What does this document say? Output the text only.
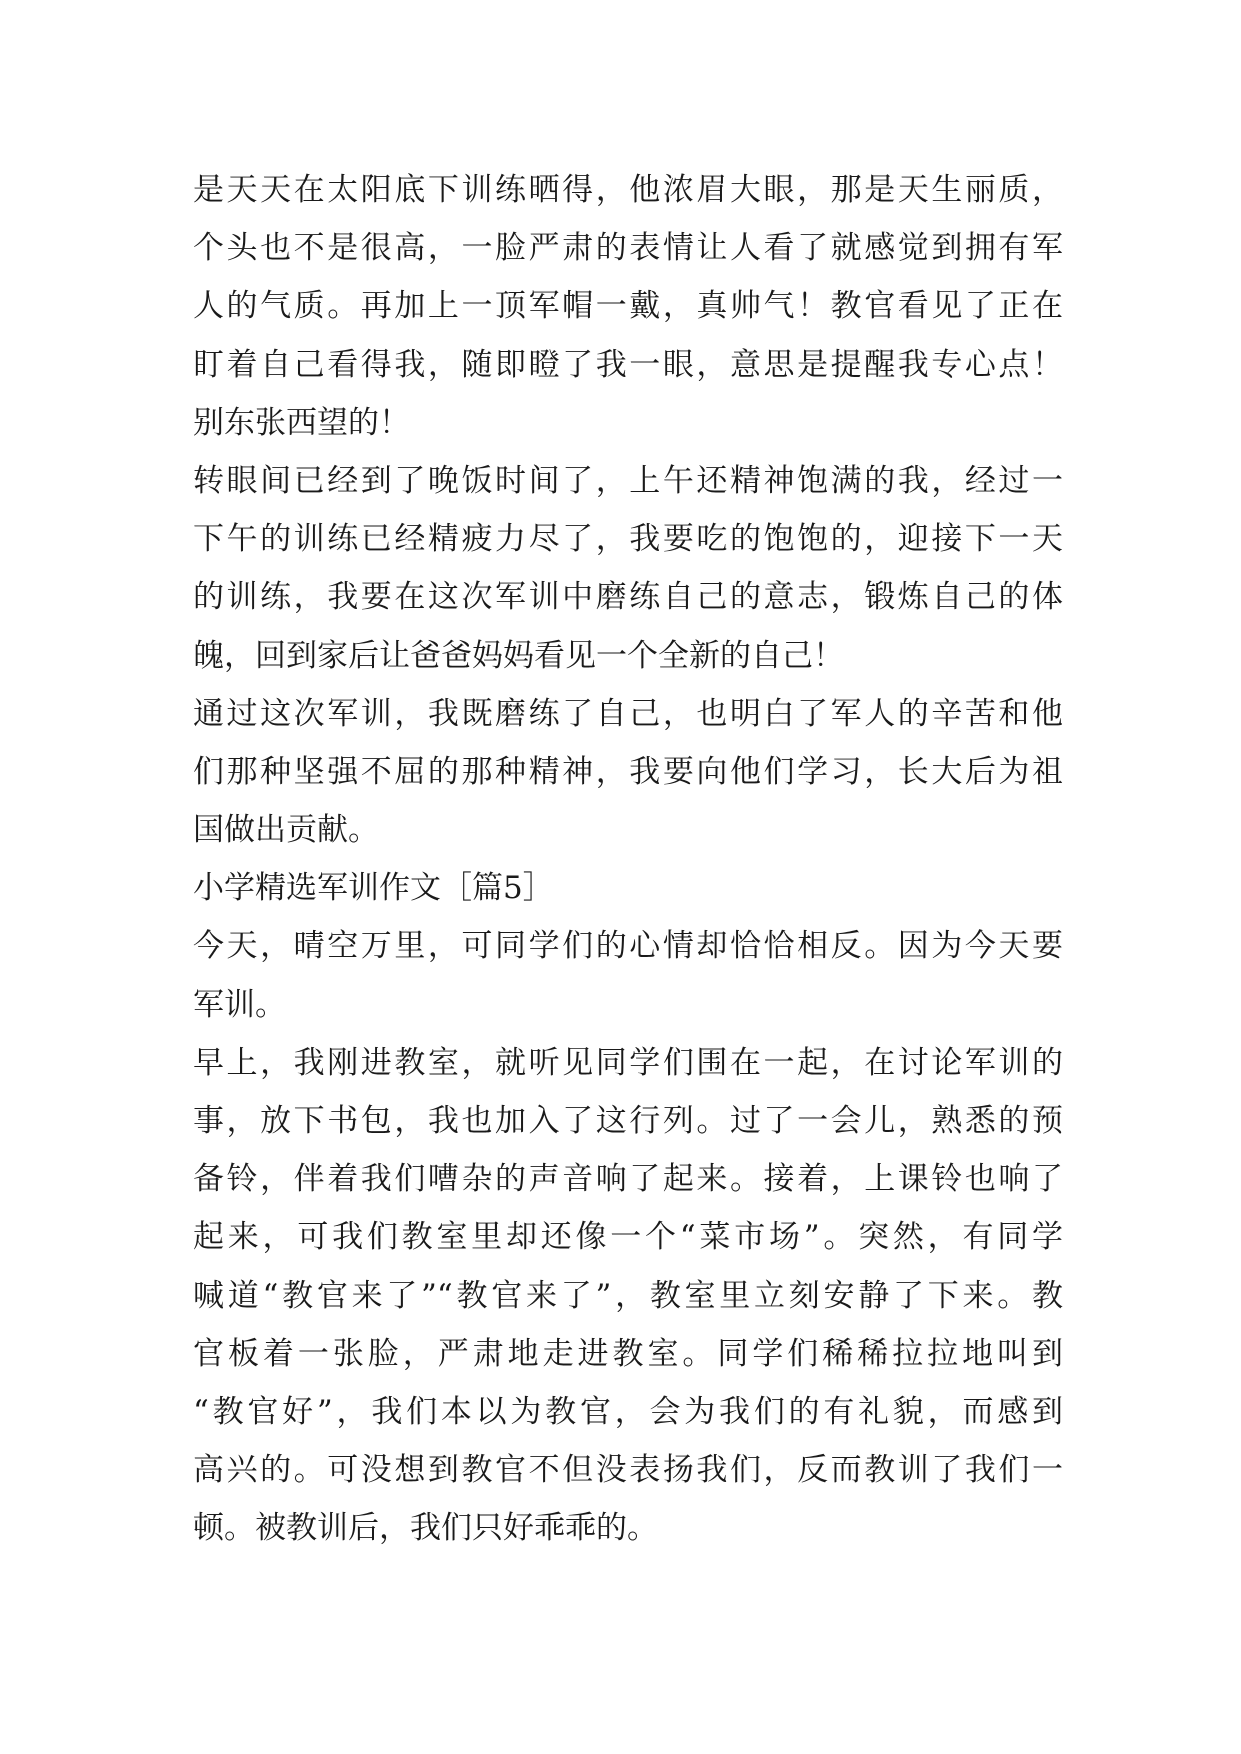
是天天在太阳底下训练晒得，他浓眉大眼，那是天生丽质，
个头也不是很高，一脸严肃的表情让人看了就感觉到拥有军
人的气质。再加上一顶军帽一戴，真帅气！教官看见了正在
盯着自己看得我，随即瞪了我一眼，意思是提醒我专心点！
别东张西望的！
转眼间已经到了晚饭时间了，上午还精神饱满的我，经过一
下午的训练已经精疲力尽了，我要吃的饱饱的，迎接下一天
的训练，我要在这次军训中磨练自己的意志，锻炼自己的体
魄，回到家后让爸爸妈妈看见一个全新的自己！
通过这次军训，我既磨练了自己，也明白了军人的辛苦和他
们那种坚强不屈的那种精神，我要向他们学习，长大后为祖
国做出贡献。
小学精选军训作文［篇5］
今天，晴空万里，可同学们的心情却恰恰相反。因为今天要
军训。
早上，我刚进教室，就听见同学们围在一起，在讨论军训的
事，放下书包，我也加入了这行列。过了一会儿，熟悉的预
备铃，伴着我们嘈杂的声音响了起来。接着，上课铃也响了
起来，可我们教室里却还像一个“菜市场”。突然，有同学
喊道“教官来了”“教官来了”，教室里立刻安静了下来。教
官板着一张脸，严肃地走进教室。同学们稀稀拉拉地叫到
“教官好”，我们本以为教官，会为我们的有礼貌，而感到
高兴的。可没想到教官不但没表扬我们，反而教训了我们一
顿。被教训后，我们只好乖乖的。
